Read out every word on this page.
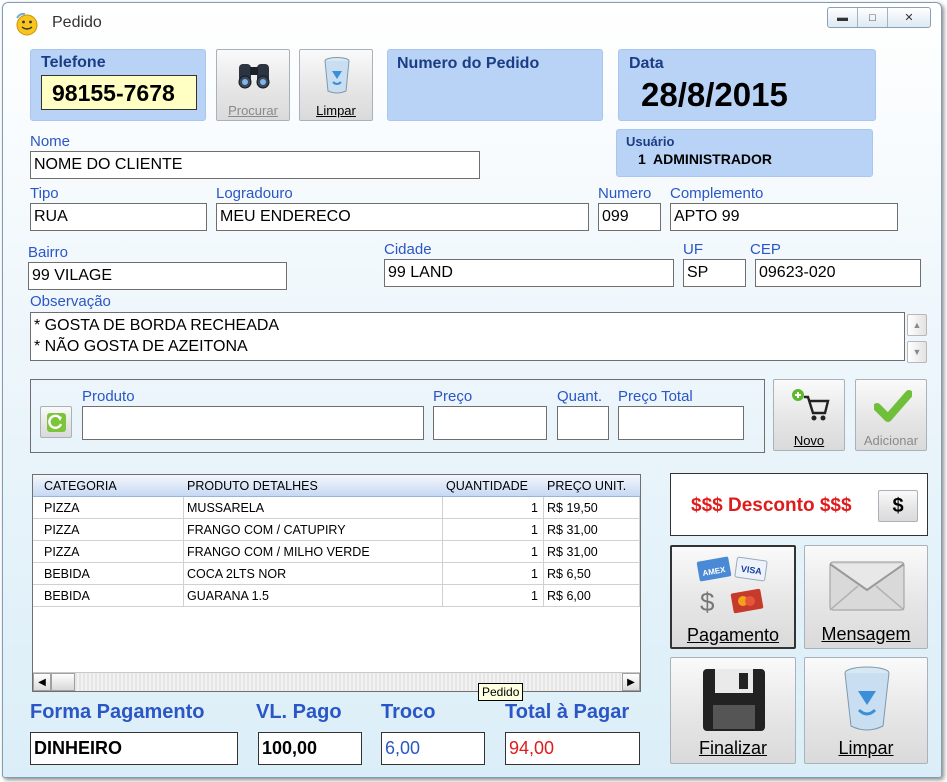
Pedido	▬	□	✕
Telefone
98155-7678
Procurar	Limpar
Numero do Pedido	Data
28/8/2015
Usuário
1  ADMINISTRADOR
Nome
NOME DO CLIENTE
Tipo
RUA
Logradouro
MEU ENDERECO
Numero
099
Complemento
APTO 99
Bairro
99 VILAGE
Cidade
99 LAND
UF
SP
CEP
09623-020
Observação
* GOSTA DE BORDA RECHEADA
* NÃO GOSTA DE AZEITONA
▲
▼
Produto	Preço	Quant. Preço Total
Novo	Adicionar
CATEGORIA	PRODUTO DETALHES	QUANTIDADE PREÇO UNIT.
PIZZA	MUSSARELA	1 R$ 19,50
PIZZA	FRANGO COM / CATUPIRY	1 R$ 31,00
PIZZA	FRANGO COM / MILHO VERDE	1 R$ 31,00
BEBIDA	COCA 2LTS NOR	1 R$ 6,50
BEBIDA	GUARANA 1.5	1 R$ 6,00
◀	▶
Pedido
$$$ Desconto $$$	$
AMEX VISA
$
Pagamento	Mensagem
Finalizar	Limpar
Forma Pagamento
DINHEIRO
VL. Pago
100,00
Troco
6,00
Total à Pagar
94,00
